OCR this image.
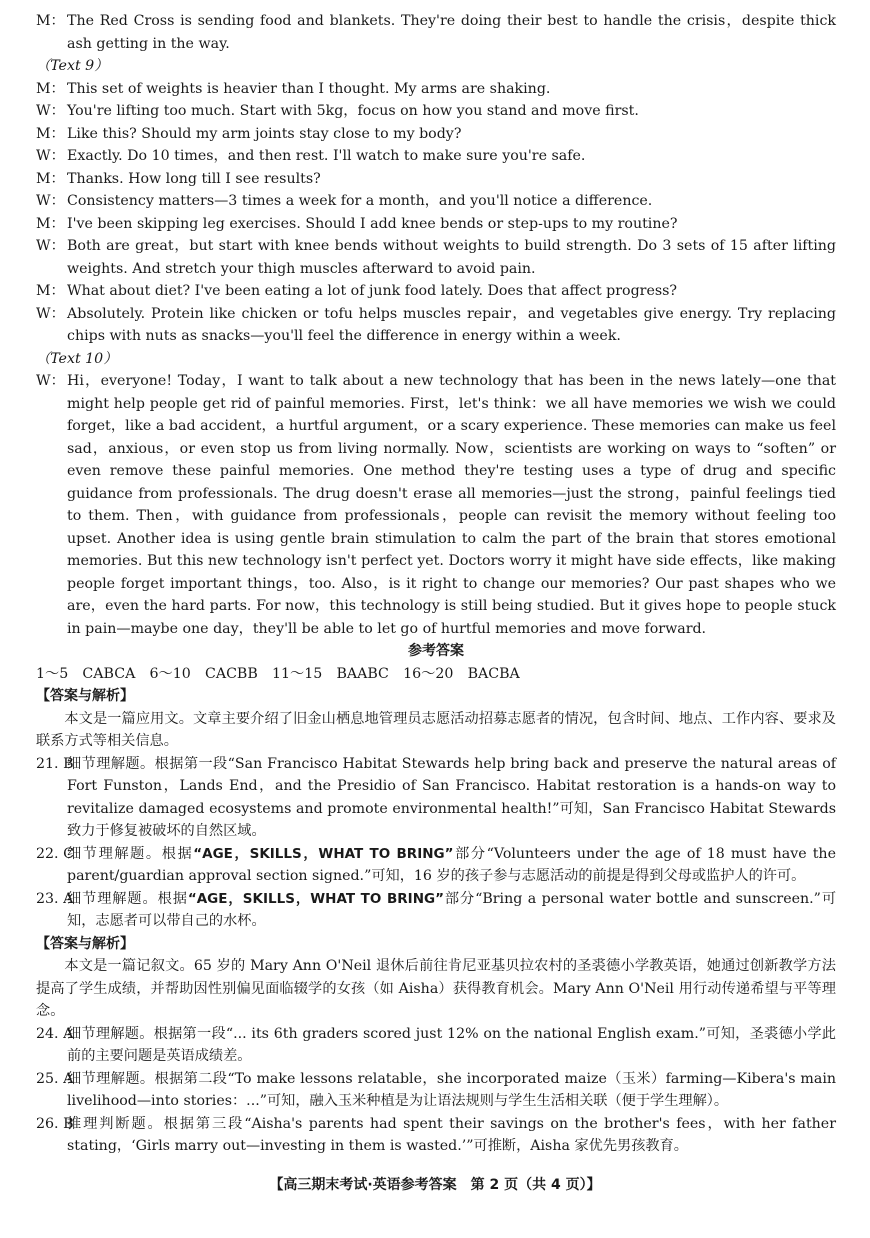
M： The Red Cross is sending food and blankets. They're doing their best to handle the crisis，despite thick ash getting in the way.
（Text 9）
M： This set of weights is heavier than I thought. My arms are shaking.
W： You're lifting too much. Start with 5kg，focus on how you stand and move first.
M： Like this? Should my arm joints stay close to my body?
W： Exactly. Do 10 times，and then rest. I'll watch to make sure you're safe.
M： Thanks. How long till I see results?
W： Consistency matters—3 times a week for a month，and you'll notice a difference.
M： I've been skipping leg exercises. Should I add knee bends or step-ups to my routine?
W： Both are great，but start with knee bends without weights to build strength. Do 3 sets of 15 after lifting weights. And stretch your thigh muscles afterward to avoid pain.
M： What about diet? I've been eating a lot of junk food lately. Does that affect progress?
W： Absolutely. Protein like chicken or tofu helps muscles repair，and vegetables give energy. Try replacing chips with nuts as snacks—you'll feel the difference in energy within a week.
（Text 10）
W： Hi，everyone! Today，I want to talk about a new technology that has been in the news lately—one that might help people get rid of painful memories. First，let's think：we all have memories we wish we could forget，like a bad accident，a hurtful argument，or a scary experience. These memories can make us feel sad，anxious，or even stop us from living normally. Now，scientists are working on ways to “soften” or even remove these painful memories. One method they're testing uses a type of drug and specific guidance from professionals. The drug doesn't erase all memories—just the strong，painful feelings tied to them. Then，with guidance from professionals，people can revisit the memory without feeling too upset. Another idea is using gentle brain stimulation to calm the part of the brain that stores emotional memories. But this new technology isn't perfect yet. Doctors worry it might have side effects，like making people forget important things，too. Also，is it right to change our memories? Our past shapes who we are，even the hard parts. For now，this technology is still being studied. But it gives hope to people stuck in pain—maybe one day，they'll be able to let go of hurtful memories and move forward.
参考答案
1～5　CABCA　6～10　CACBB　11～15　BAABC　16～20　BACBA
【答案与解析】
本文是一篇应用文。文章主要介绍了旧金山栖息地管理员志愿活动招募志愿者的情况，包含时间、地点、工作内容、要求及联系方式等相关信息。
21. B
细节理解题。根据第一段“San Francisco Habitat Stewards help bring back and preserve the natural areas of Fort Funston，Lands End，and the Presidio of San Francisco. Habitat restoration is a hands-on way to revitalize damaged ecosystems and promote environmental health!”可知，San Francisco Habitat Stewards 致力于修复被破坏的自然区域。
22. C
细节理解题。根据“AGE，SKILLS，WHAT TO BRING”部分“Volunteers under the age of 18 must have the parent/guardian approval section signed.”可知，16 岁的孩子参与志愿活动的前提是得到父母或监护人的许可。
23. A
细节理解题。根据“AGE，SKILLS，WHAT TO BRING”部分“Bring a personal water bottle and sunscreen.”可知，志愿者可以带自己的水杯。
【答案与解析】
本文是一篇记叙文。65 岁的 Mary Ann O'Neil 退休后前往肯尼亚基贝拉农村的圣裘德小学教英语，她通过创新教学方法提高了学生成绩，并帮助因性别偏见面临辍学的女孩（如 Aisha）获得教育机会。Mary Ann O'Neil 用行动传递希望与平等理念。
24. A
细节理解题。根据第一段“... its 6th graders scored just 12% on the national English exam.”可知，圣裘德小学此前的主要问题是英语成绩差。
25. A
细节理解题。根据第二段“To make lessons relatable，she incorporated maize（玉米）farming—Kibera's main livelihood—into stories：...”可知，融入玉米种植是为让语法规则与学生生活相关联（便于学生理解）。
26. B
推理判断题。根据第三段“Aisha's parents had spent their savings on the brother's fees，with her father stating，‘Girls marry out—investing in them is wasted.’”可推断，Aisha 家优先男孩教育。
【高三期末考试·英语参考答案　第 2 页（共 4 页）】
